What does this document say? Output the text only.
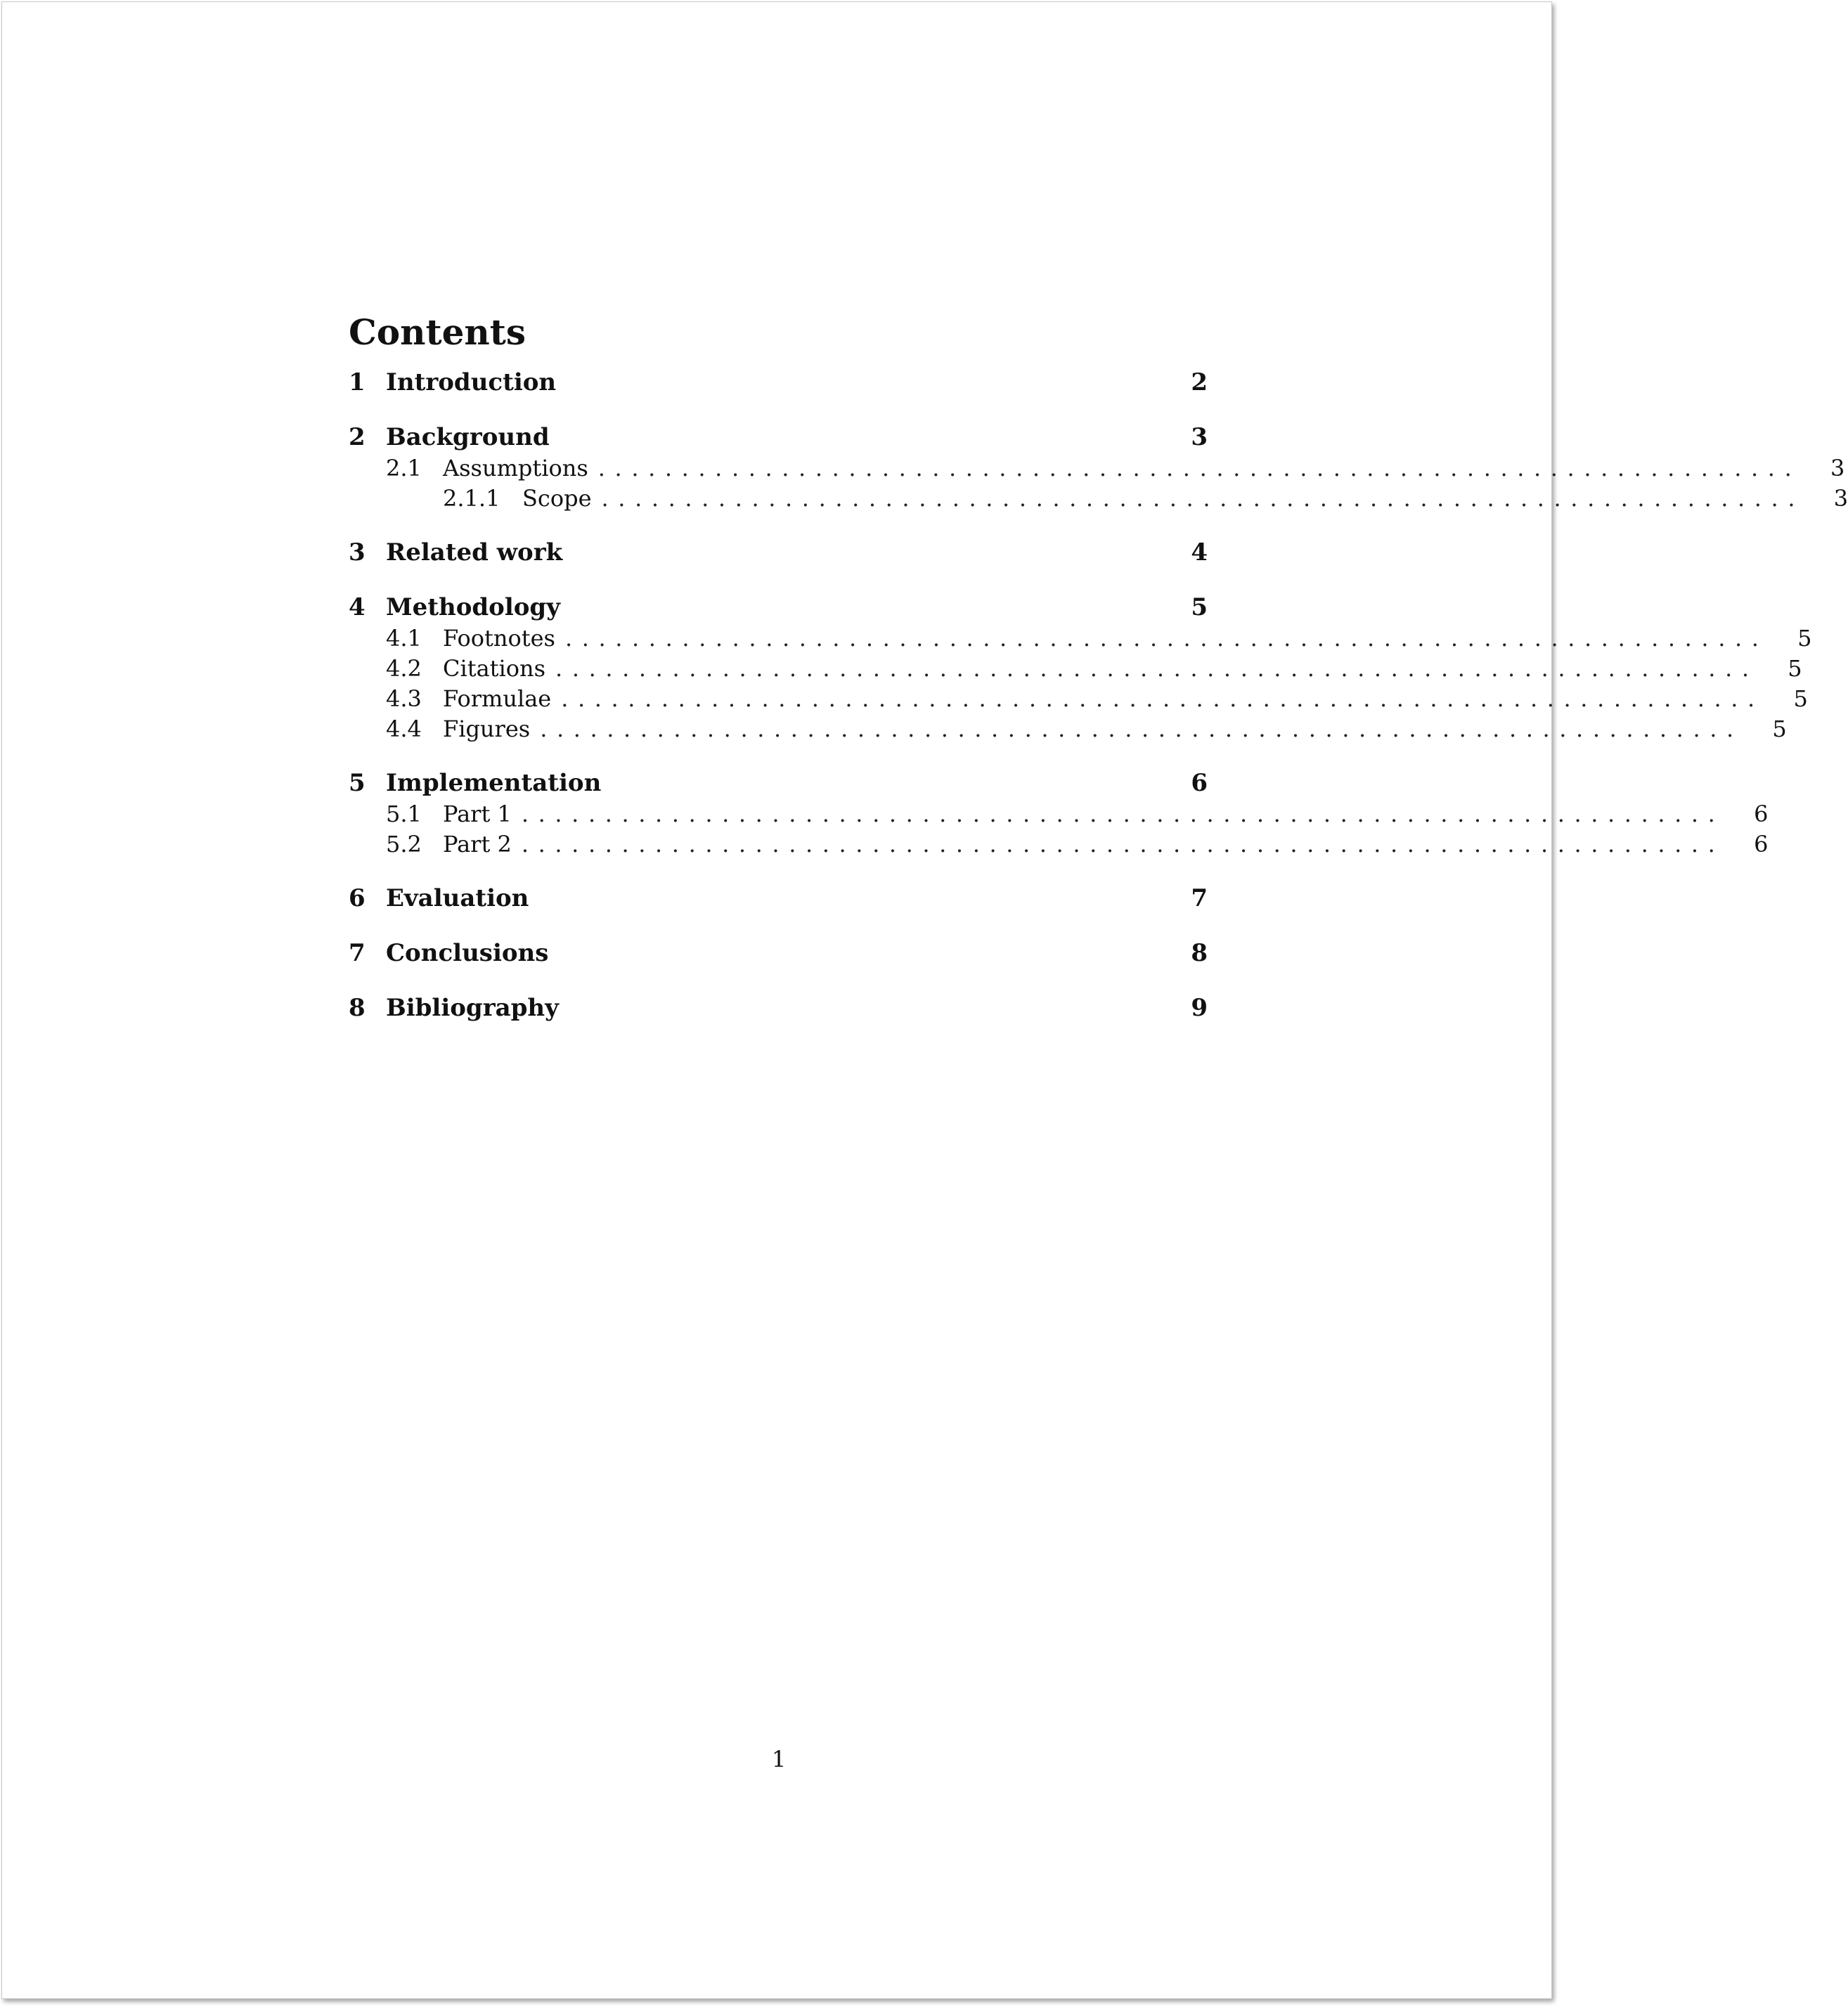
Contents
1 Introduction	2
2 Background	3
2.1 Assumptions ........................................................................	3
2.1.1 Scope ........................................................................	3
3 Related work	4
4 Methodology	5
4.1 Footnotes ........................................................................	5
4.2 Citations ........................................................................	5
4.3 Formulae ........................................................................	5
4.4 Figures ........................................................................	5
5 Implementation	6
5.1 Part 1 ........................................................................	6
5.2 Part 2 ........................................................................	6
6 Evaluation	7
7 Conclusions	8
8 Bibliography	9
1
